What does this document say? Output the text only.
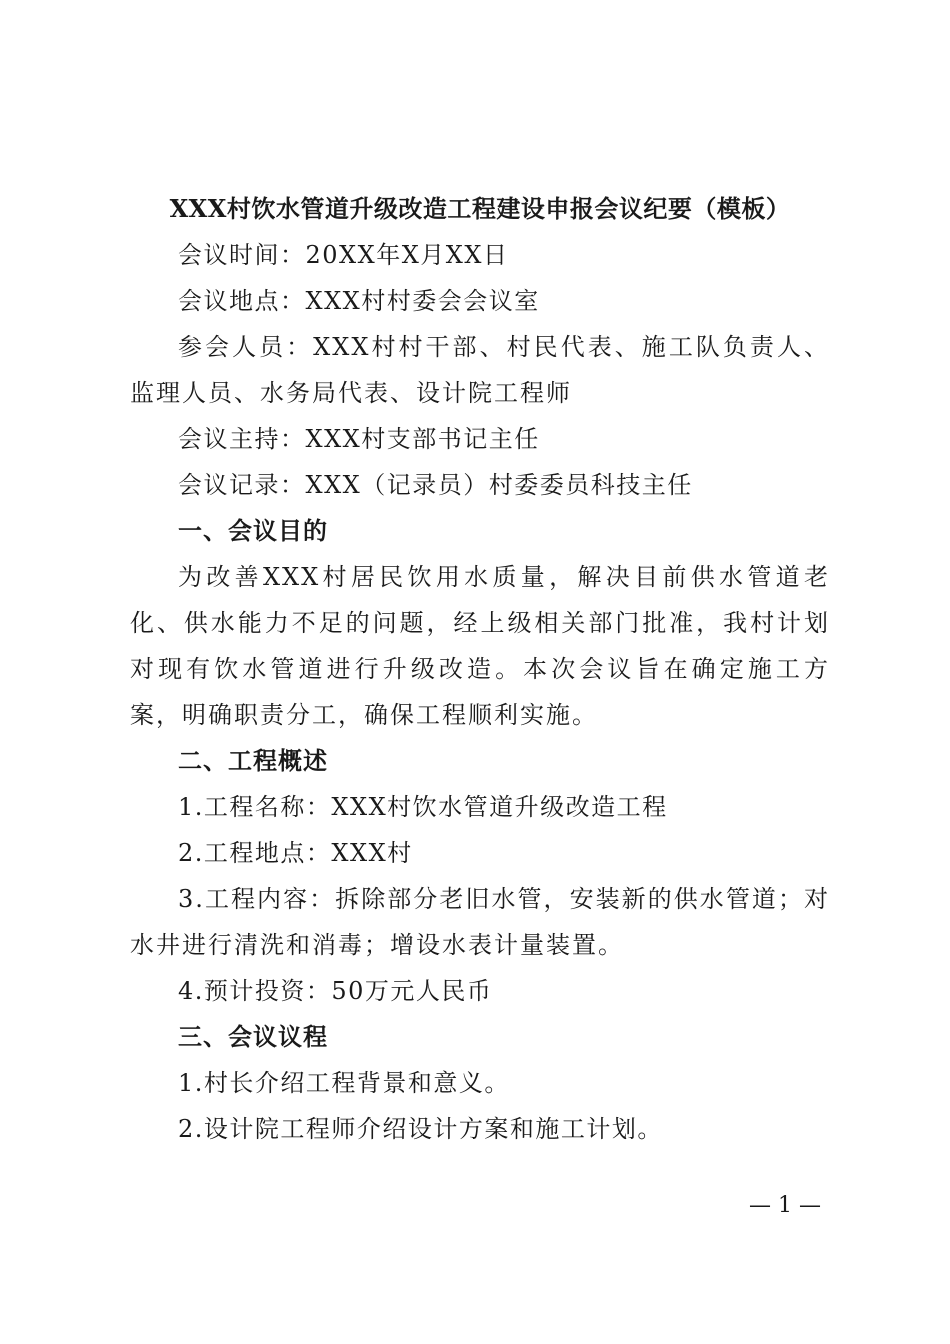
XXX村饮水管道升级改造工程建设申报会议纪要（模板）

会议时间：20XX年X月XX日

会议地点：XXX村村委会会议室

参会人员：XXX村村干部、村民代表、施工队负责人、监理人员、水务局代表、设计院工程师

会议主持：XXX村支部书记主任

会议记录：XXX（记录员）村委委员科技主任

一、会议目的

为改善XXX村居民饮用水质量，解决目前供水管道老化、供水能力不足的问题，经上级相关部门批准，我村计划对现有饮水管道进行升级改造。本次会议旨在确定施工方案，明确职责分工，确保工程顺利实施。

二、工程概述

1.工程名称：XXX村饮水管道升级改造工程

2.工程地点：XXX村

3.工程内容：拆除部分老旧水管，安装新的供水管道；对水井进行清洗和消毒；增设水表计量装置。

4.预计投资：50万元人民币

三、会议议程

1.村长介绍工程背景和意义。

2.设计院工程师介绍设计方案和施工计划。

— 1 —
